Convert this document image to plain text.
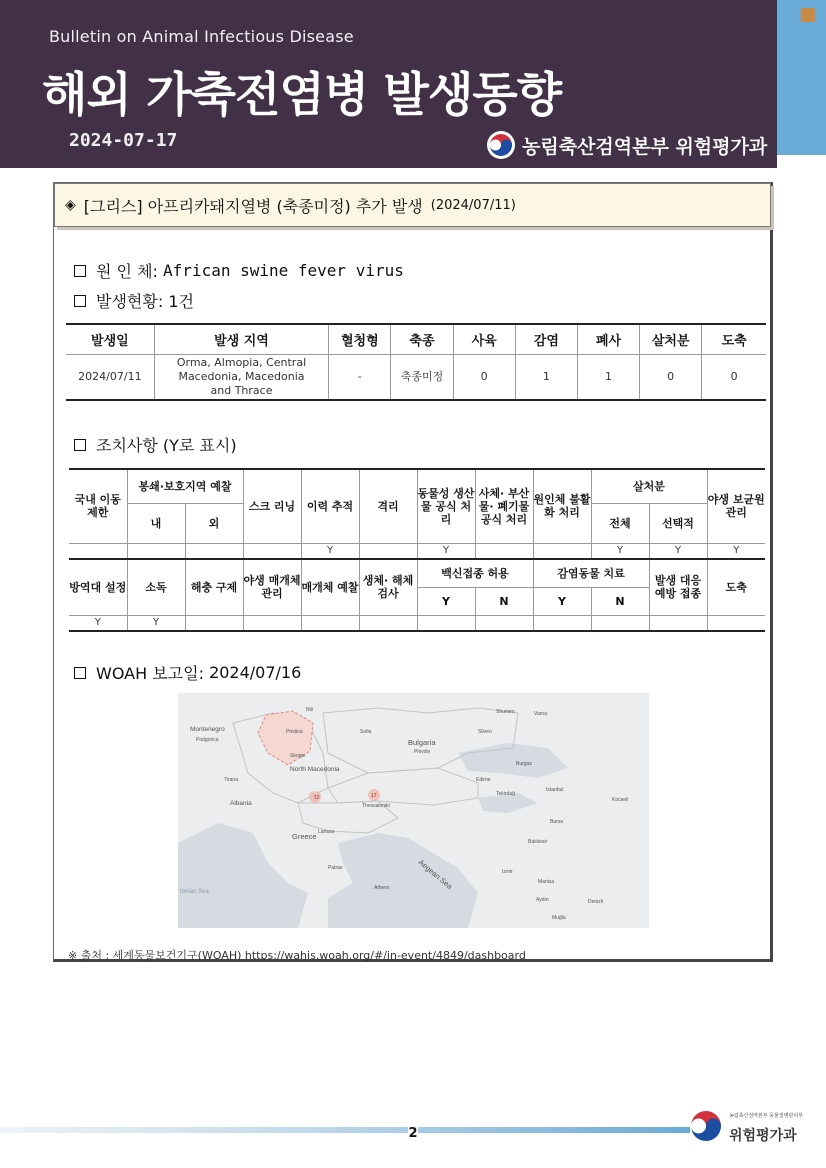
Bulletin on Animal Infectious Disease
해외 가축전염병 발생동향
2024-07-17	농림축산검역본부 위험평가과
◈ [그리스] 아프리카돼지열병 (축종미정) 추가 발생 (2024/07/11)
원 인 체:
African swine fever virus
발생현황:
1건
발생일	발생 지역	혈청형	축종	사육	감염	폐사	살처분	도축
2024/07/11	Orma, Almopia, Central Macedonia, Macedonia and Thrace	-	축종미정	0	1	1	0	0
조치사항 (Y로 표시)
국내 이동 제한	봉쇄·보호지역 예찰		스크 리닝	이력 추적	격리	동물성 생산물 공식 처리	사체· 부산물· 폐기물 공식 처리	원인체 불활화 처리	살처분		야생 보균원 관리
	내	외							전체	선택적	
				Y		Y			Y	Y	Y
방역대 설정	소독	해충 구제	야생 매개체 관리	매개체 예찰	생체· 해체 검사	백신접종 허용		감염동물 치료		발생 대응 예방 접종	도축
						Y	N	Y	N		
Y	Y										
WOAH 보고일:
2024/07/16
12	17
Montenegro
Podgorica
Pristina
Skopje
North Macedonia
Tirana
Albania
Sofia
Bulgaria
Plovdiv
Thessaloniki
Larissa
Greece
Aegean Sea
Istanbul
Bursa
Izmir
Balıkesir
Tekirdağ
Edirne
Burgas
Varna
Shumen
Sliven
Kocaeli
Niš
Manisa
Aydın
Muğla
Denizli
Athens
Patras
Ionian Sea
※ 출처 : 세계동물보건기구(WOAH) https://wahis.woah.org/#/in-event/4849/dashboard
2
농림축산검역본부 동물질병관리부
위험평가과
